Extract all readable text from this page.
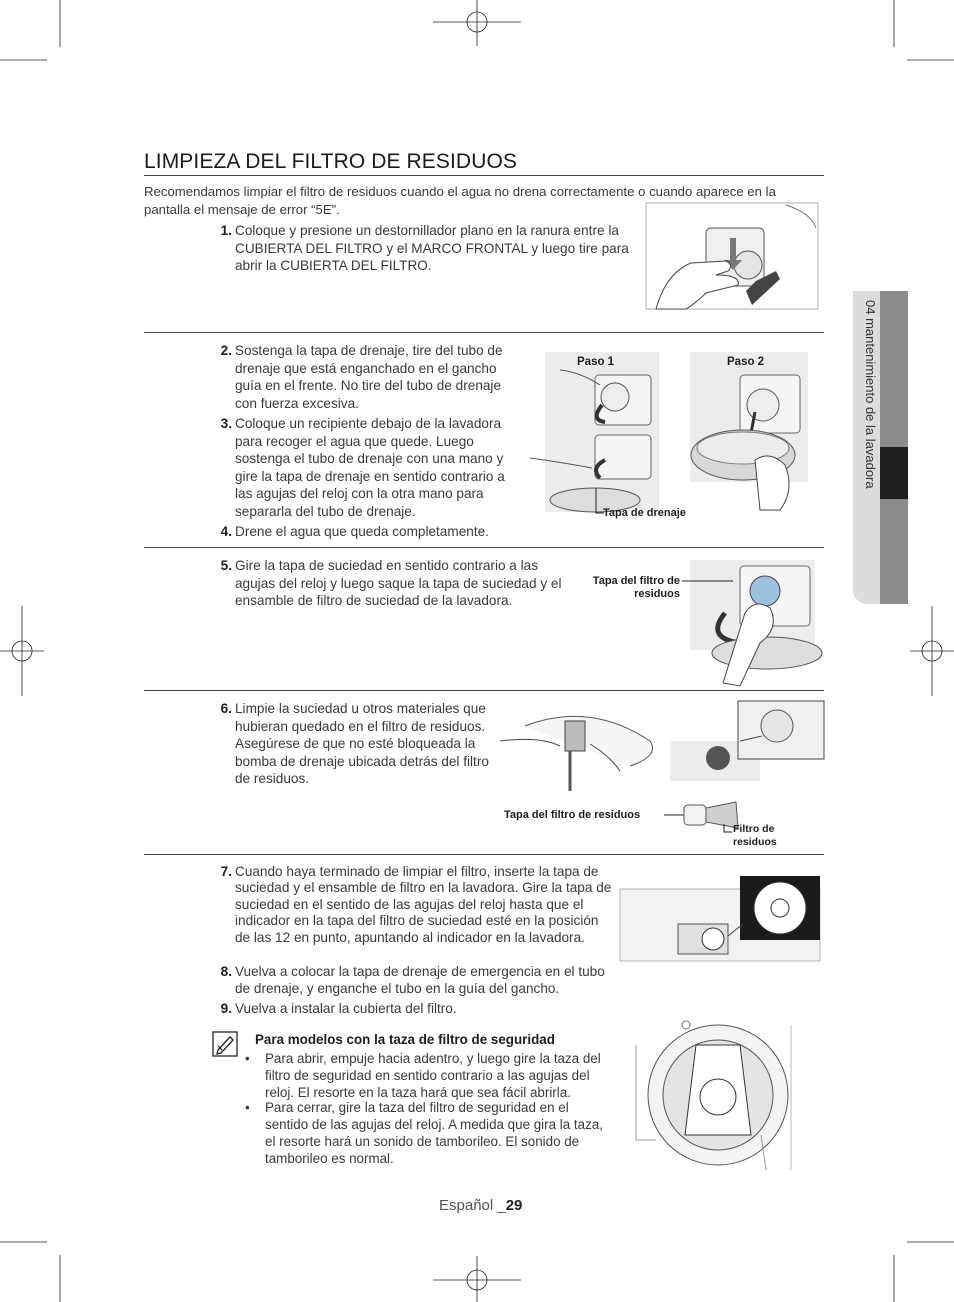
04 mantenimiento de la lavadora
LIMPIEZA DEL FILTRO DE RESIDUOS
Recomendamos limpiar el filtro de residuos cuando el agua no drena correctamente o cuando aparece en la pantalla el mensaje de error “5E”.
1. Coloque y presione un destornillador plano en la ranura entre la CUBIERTA DEL FILTRO y el MARCO FRONTAL y luego tire para abrir la CUBIERTA DEL FILTRO.
2. Sostenga la tapa de drenaje, tire del tubo de drenaje que está enganchado en el gancho guía en el frente. No tire del tubo de drenaje con fuerza excesiva.
3. Coloque un recipiente debajo de la lavadora para recoger el agua que quede. Luego sostenga el tubo de drenaje con una mano y gire la tapa de drenaje en sentido contrario a las agujas del reloj con la otra mano para separarla del tubo de drenaje.
4. Drene el agua que queda completamente.
Paso 1	Paso 2
Tapa de drenaje
5. Gire la tapa de suciedad en sentido contrario a las agujas del reloj y luego saque la tapa de suciedad y el ensamble de filtro de suciedad de la lavadora.
Tapa del filtro de residuos
6. Limpie la suciedad u otros materiales que hubieran quedado en el filtro de residuos. Asegúrese de que no esté bloqueada la bomba de drenaje ubicada detrás del filtro de residuos.
Tapa del filtro de residuos
Filtro de residuos
7. Cuando haya terminado de limpiar el filtro, inserte la tapa de suciedad y el ensamble de filtro en la lavadora. Gire la tapa de suciedad en el sentido de las agujas del reloj hasta que el indicador en la tapa del filtro de suciedad esté en la posición de las 12 en punto, apuntando al indicador en la lavadora.
8. Vuelva a colocar la tapa de drenaje de emergencia en el tubo de drenaje, y enganche el tubo en la guía del gancho.
9. Vuelva a instalar la cubierta del filtro.
Para modelos con la taza de filtro de seguridad
• Para abrir, empuje hacia adentro, y luego gire la taza del filtro de seguridad en sentido contrario a las agujas del reloj. El resorte en la taza hará que sea fácil abrirla.
• Para cerrar, gire la taza del filtro de seguridad en el sentido de las agujas del reloj. A medida que gira la taza, el resorte hará un sonido de tamborileo. El sonido de tamborileo es normal.
Español _29
